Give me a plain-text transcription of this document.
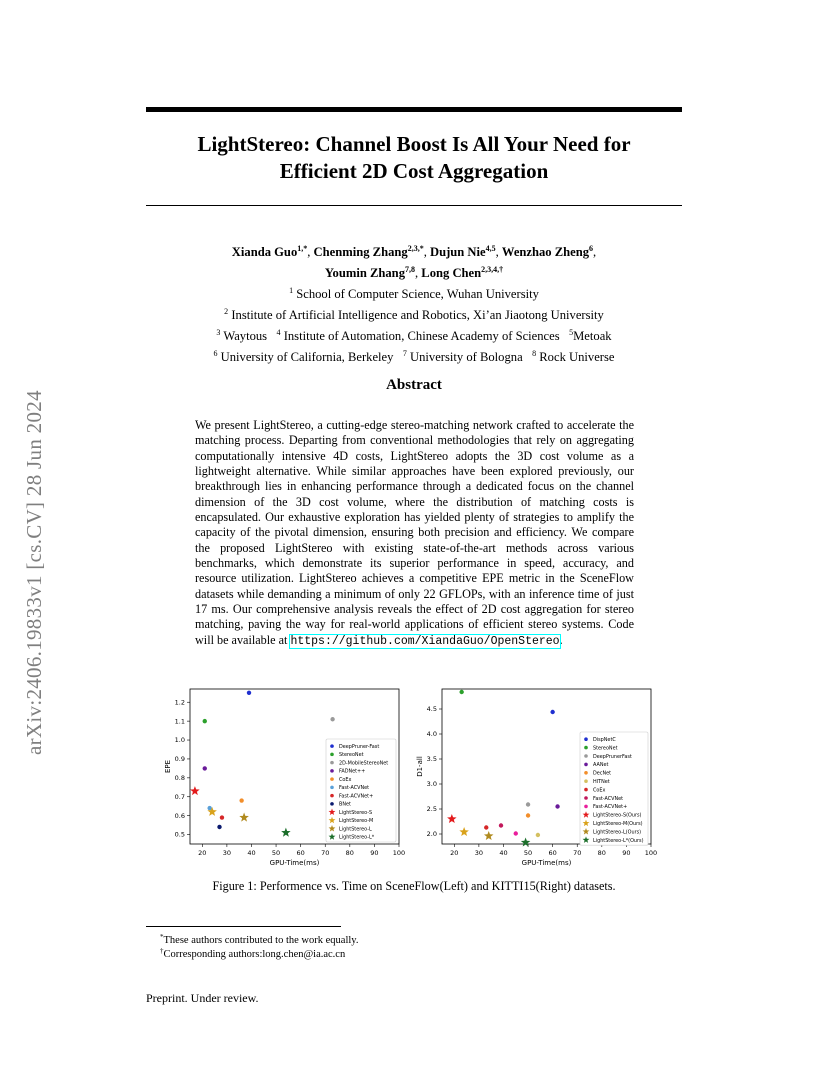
arXiv:2406.19833v1 [cs.CV] 28 Jun 2024
LightStereo: Channel Boost Is All Your Need for
Efficient 2D Cost Aggregation
Xianda Guo$^{1,*}$, Chenming Zhang$^{2,3,*}$, Dujun Nie$^{4,5}$, Wenzhao Zheng$^6$,
Youmin Zhang$^{7,8}$, Long Chen$^{2,3,4,\dagger}$
$^1$ School of Computer Science, Wuhan University
$^2$ Institute of Artificial Intelligence and Robotics, Xi’an Jiaotong University
$^3$ Waytous $^4$ Institute of Automation, Chinese Academy of Sciences $^5$Metoak
$^6$ University of California, Berkeley $^7$ University of Bologna $^8$ Rock Universe
Abstract
We present LightStereo, a cutting-edge stereo-matching network crafted to accelerate the matching process. Departing from conventional methodologies that rely on aggregating computationally intensive 4D costs, LightStereo adopts the 3D cost volume as a lightweight alternative. While similar approaches have been explored previously, our breakthrough lies in enhancing performance through a dedicated focus on the channel dimension of the 3D cost volume, where the distribution of matching costs is encapsulated. Our exhaustive exploration has yielded plenty of strategies to amplify the capacity of the pivotal dimension, ensuring both precision and efficiency. We compare the proposed LightStereo with existing state-of-the-art methods across various benchmarks, which demonstrate its superior performance in speed, accuracy, and resource utilization. LightStereo achieves a competitive EPE metric in the SceneFlow datasets while demanding a minimum of only 22 GFLOPs, with an inference time of just 17 ms. Our comprehensive analysis reveals the effect of 2D cost aggregation for stereo matching, paving the way for real-world applications of efficient stereo systems. Code will be available at https://github.com/XiandaGuo/OpenStereo.
20	30	40	50	60	70	80	90 100
0.5
0.6
0.7
0.8
0.9
1.0
1.1
1.2
GPU-Time(ms)
EPE
DeepPruner-Fast
StereoNet
2D-MobileStereoNet
FADNet++
CoEx
Fast-ACVNet
Fast-ACVNet+
BNet
LightStereo-S
LightStereo-M
LightStereo-L
LightStereo-L*
20	30	40	50	60	70	80	90 100
2.0
2.5
3.0
3.5
4.0
4.5
GPU-Time(ms)
D1-all
DispNetC
StereoNet
DeepPrunerFast
AANet
DecNet
HITNet
CoEx
Fast-ACVNet
Fast-ACVNet+
LightStereo-S(Ours)
LightStereo-M(Ours)
LightStereo-L(Ours)
LightStereo-L*(Ours)
Figure 1: Performence vs. Time on SceneFlow(Left) and KITTI15(Right) datasets.
*These authors contributed to the work equally.
†Corresponding authors:long.chen@ia.ac.cn
Preprint. Under review.
